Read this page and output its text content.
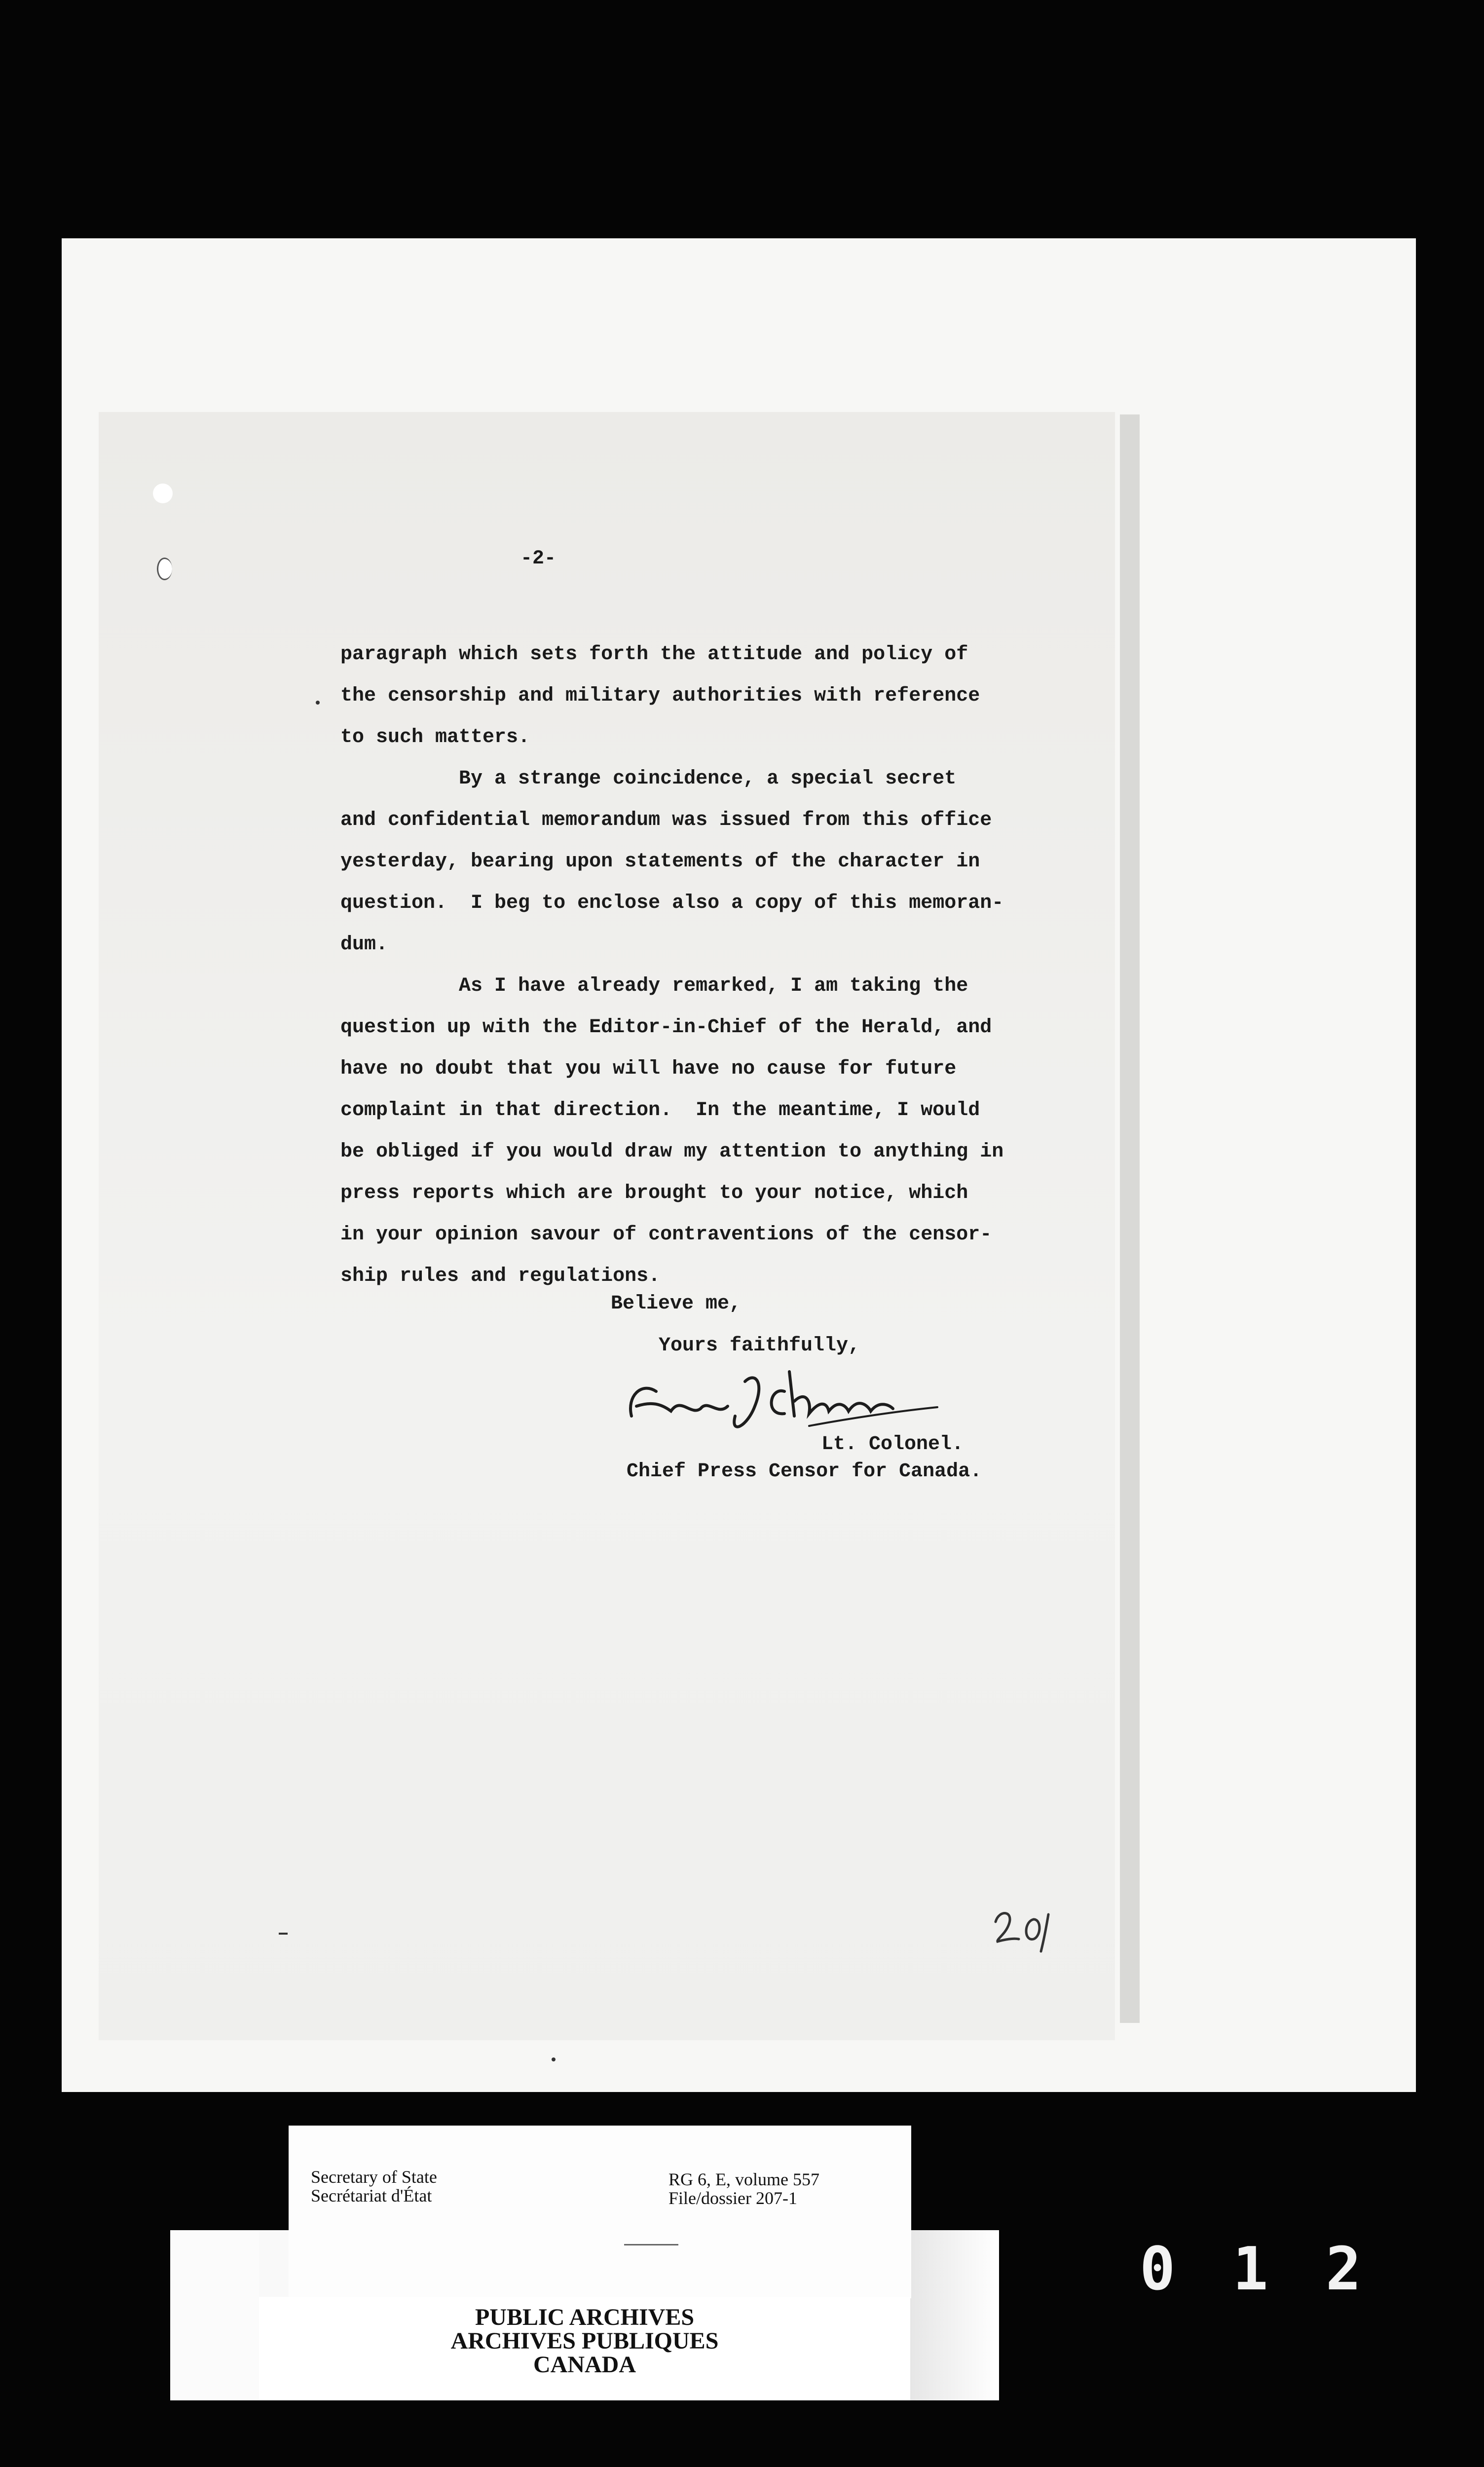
-2-

paragraph which sets forth the attitude and policy of

the censorship and military authorities with reference

to such matters.

By a strange coincidence, a special secret

and confidential memorandum was issued from this office

yesterday, bearing upon statements of the character in

question.  I beg to enclose also a copy of this memoran-

dum.

As I have already remarked, I am taking the

question up with the Editor-in-Chief of the Herald, and

have no doubt that you will have no cause for future

complaint in that direction.  In the meantime, I would

be obliged if you would draw my attention to anything in

press reports which are brought to your notice, which

in your opinion savour of contraventions of the censor-

ship rules and regulations.

Believe me,
Yours faithfully,
Lt. Colonel.
Chief Press Censor for Canada.
Secretary of State
Secrétariat d'État
RG 6, E, volume 557
File/dossier 207-1
PUBLIC ARCHIVES
ARCHIVES PUBLIQUES
CANADA
0 1 2
